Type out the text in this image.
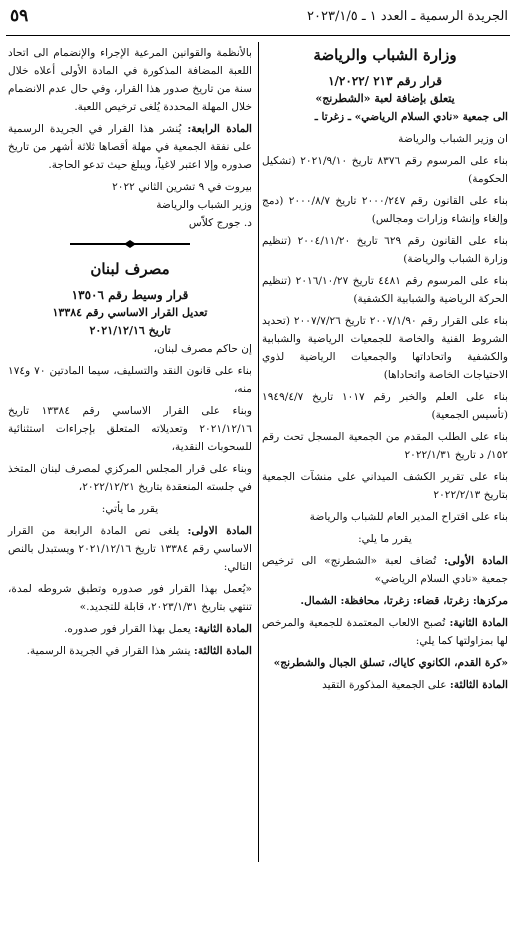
الجريدة الرسمية ـ العدد ١ ـ ٢٠٢٣/١/٥
٥٩
وزارة الشباب والرياضة
قرار رقم ٢١٣ /١/٢٠٢٢
يتعلق بإضافة لعبة «الشطرنج»

الى جمعية «نادي السلام الرياضي» ـ زغرتا ـ

ان وزير الشباب والرياضة

بناء على المرسوم رقم ٨٣٧٦ تاريخ ٢٠٢١/٩/١٠ (تشكيل الحكومة)

بناء على القانون رقم ٢٠٠٠/٢٤٧ تاريخ ٢٠٠٠/٨/٧ (دمج وإلغاء وإنشاء وزارات ومجالس)

بناء على القانون رقم ٦٢٩ تاريخ ٢٠٠٤/١١/٢٠ (تنظيم وزارة الشباب والرياضة)

بناء على المرسوم رقم ٤٤٨١ تاريخ ٢٠١٦/١٠/٢٧ (تنظيم الحركة الرياضية والشبابية الكشفية)

بناء على القرار رقم ٢٠٠٧/١/٩٠ تاريخ ٢٠٠٧/٧/٢٦ (تحديد الشروط الفنية والخاصة للجمعيات الرياضية والشبابية والكشفية واتحاداتها والجمعيات الرياضية لذوي الاحتياجات الخاصة واتحاداها)

بناء على العلم والخبر رقم ١٠١٧ تاريخ ١٩٤٩/٤/٧ (تأسيس الجمعية)

بناء على الطلب المقدم من الجمعية المسجل تحت رقم ١٥٢/ د تاريخ ٢٠٢٢/١/٣١

بناء على تقرير الكشف الميداني على منشآت الجمعية بتاريخ ٢٠٢٢/٢/١٣

بناء على اقتراح المدير العام للشباب والرياضة

يقرر ما يلي:

المادة الأولى: تُضاف لعبة «الشطرنج» الى ترخيص جمعية «نادي السلام الرياضي»

مركزها: زغرتا، قضاء: زغرتا، محافظة: الشمال.

المادة الثانية: تُصبح الالعاب المعتمدة للجمعية والمرخص لها بمزاولتها كما يلي:

«كرة القدم، الكانوي كاياك، تسلق الجبال والشطرنج»

المادة الثالثة: على الجمعية المذكورة التقيد

بالأنظمة والقوانين المرعية الإجراء والإنضمام الى اتحاد اللعبة المضافة المذكورة في المادة الأولى أعلاه خلال سنة من تاريخ صدور هذا القرار، وفي حال عدم الانضمام خلال المهلة المحددة يُلغى ترخيص اللعبة.

المادة الرابعة: يُنشر هذا القرار في الجريدة الرسمية على نفقة الجمعية في مهلة أقصاها ثلاثة أشهر من تاريخ صدوره وإلا اعتبر لاغياً، ويبلغ حيث تدعو الحاجة.

بيروت في ٩ تشرين الثاني ٢٠٢٢

وزير الشباب والرياضة

د. جورج كلاّس

مصرف لبنان
قرار وسيط رقم ١٣٥٠٦
تعديل القرار الاساسي رقم ١٣٣٨٤
تاريخ ٢٠٢١/١٢/١٦

إن حاكم مصرف لبنان،

بناء على قانون النقد والتسليف، سيما المادتين ٧٠ و١٧٤ منه،

وبناء على القرار الاساسي رقم ١٣٣٨٤ تاريخ ٢٠٢١/١٢/١٦ وتعديلاته المتعلق بإجراءات استثنائية للسحوبات النقدية،

وبناء على قرار المجلس المركزي لمصرف لبنان المتخذ في جلسته المنعقدة بتاريخ ٢٠٢٢/١٢/٢١،

يقرر ما يأتي:

المادة الاولى: يلغى نص المادة الرابعة من القرار الاساسي رقم ١٣٣٨٤ تاريخ ٢٠٢١/١٢/١٦ ويستبدل بالنص التالي:

«يُعمل بهذا القرار فور صدوره وتطبق شروطه لمدة، تنتهي بتاريخ ٢٠٢٣/١/٣١، قابلة للتجديد.»

المادة الثانية: يعمل بهذا القرار فور صدوره.

المادة الثالثة: ينشر هذا القرار في الجريدة الرسمية.
